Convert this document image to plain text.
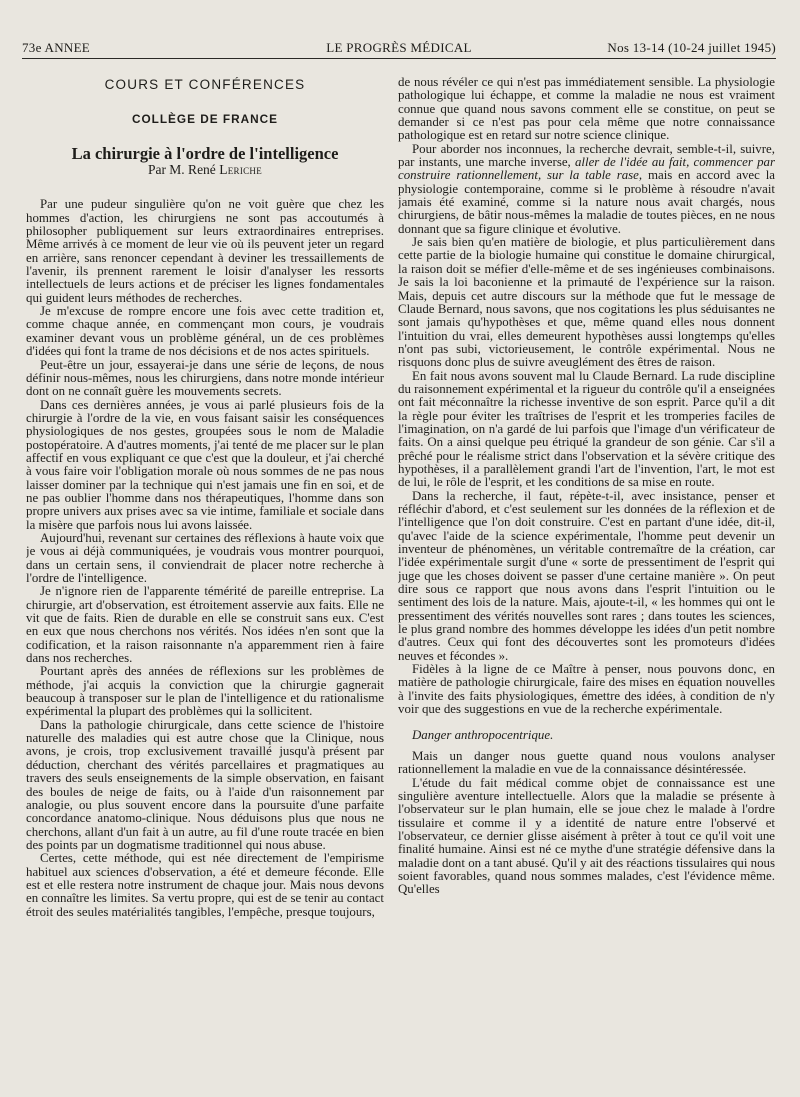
73e ANNEE	LE PROGRÈS MÉDICAL	Nos 13-14 (10-24 juillet 1945)
COURS ET CONFÉRENCES
COLLÈGE DE FRANCE
La chirurgie à l'ordre de l'intelligence
Par M. René Leriche

Par une pudeur singulière qu'on ne voit guère que chez les hommes d'action, les chirurgiens ne sont pas accoutumés à philosopher publiquement sur leurs extraordinaires entreprises. Même arrivés à ce moment de leur vie où ils peuvent jeter un regard en arrière, sans renoncer cependant à deviner les tressaillements de l'avenir, ils prennent rarement le loisir d'analyser les ressorts intellectuels de leurs actions et de préciser les lignes fondamentales qui guident leurs méthodes de recherches.

Je m'excuse de rompre encore une fois avec cette tradition et, comme chaque année, en commençant mon cours, je voudrais examiner devant vous un problème général, un de ces problèmes d'idées qui font la trame de nos décisions et de nos actes spirituels.

Peut-être un jour, essayerai-je dans une série de leçons, de nous définir nous-mêmes, nous les chirurgiens, dans notre monde intérieur dont on ne connaît guère les mouvements secrets.

Dans ces dernières années, je vous ai parlé plusieurs fois de la chirurgie à l'ordre de la vie, en vous faisant saisir les conséquences physiologiques de nos gestes, groupées sous le nom de Maladie postopératoire. A d'autres moments, j'ai tenté de me placer sur le plan affectif en vous expliquant ce que c'est que la douleur, et j'ai cherché à vous faire voir l'obligation morale où nous sommes de ne pas nous laisser dominer par la technique qui n'est jamais une fin en soi, et de ne pas oublier l'homme dans nos thérapeutiques, l'homme dans son propre univers aux prises avec sa vie intime, familiale et sociale dans la misère que parfois nous lui avons laissée.

Aujourd'hui, revenant sur certaines des réflexions à haute voix que je vous ai déjà communiquées, je voudrais vous montrer pourquoi, dans un certain sens, il conviendrait de placer notre recherche à l'ordre de l'intelligence.

Je n'ignore rien de l'apparente témérité de pareille entreprise. La chirurgie, art d'observation, est étroitement asservie aux faits. Elle ne vit que de faits. Rien de durable en elle se construit sans eux. C'est en eux que nous cherchons nos vérités. Nos idées n'en sont que la codification, et la raison raisonnante n'a apparemment rien à faire dans nos recherches.

Pourtant après des années de réflexions sur les problèmes de méthode, j'ai acquis la conviction que la chirurgie gagnerait beaucoup à transposer sur le plan de l'intelligence et du rationalisme expérimental la plupart des problèmes qui la sollicitent.

Dans la pathologie chirurgicale, dans cette science de l'histoire naturelle des maladies qui est autre chose que la Clinique, nous avons, je crois, trop exclusivement travaillé jusqu'à présent par déduction, cherchant des vérités parcellaires et pragmatiques au travers des seuls enseignements de la simple observation, en faisant des boules de neige de faits, ou à l'aide d'un raisonnement par analogie, ou plus souvent encore dans la poursuite d'une parfaite concordance anatomo-clinique. Nous déduisons plus que nous ne cherchons, allant d'un fait à un autre, au fil d'une route tracée en bien des points par un dogmatisme traditionnel qui nous abuse.

Certes, cette méthode, qui est née directement de l'empirisme habituel aux sciences d'observation, a été et demeure féconde. Elle est et elle restera notre instrument de chaque jour. Mais nous devons en connaître les limites. Sa vertu propre, qui est de se tenir au contact étroit des seules matérialités tangibles, l'empêche, presque toujours,

de nous révéler ce qui n'est pas immédiatement sensible. La physiologie pathologique lui échappe, et comme la maladie ne nous est vraiment connue que quand nous savons comment elle se constitue, on peut se demander si ce n'est pas pour cela même que notre connaissance pathologique est en retard sur notre science clinique.

Pour aborder nos inconnues, la recherche devrait, semble-t-il, suivre, par instants, une marche inverse, aller de l'idée au fait, commencer par construire rationnellement, sur la table rase, mais en accord avec la physiologie contemporaine, comme si le problème à résoudre n'avait jamais été examiné, comme si la nature nous avait chargés, nous chirurgiens, de bâtir nous-mêmes la maladie de toutes pièces, en ne nous donnant que sa figure clinique et évolutive.

Je sais bien qu'en matière de biologie, et plus particulièrement dans cette partie de la biologie humaine qui constitue le domaine chirurgical, la raison doit se méfier d'elle-même et de ses ingénieuses combinaisons. Je sais la loi baconienne et la primauté de l'expérience sur la raison. Mais, depuis cet autre discours sur la méthode que fut le message de Claude Bernard, nous savons, que nos cogitations les plus séduisantes ne sont jamais qu'hypothèses et que, même quand elles nous donnent l'intuition du vrai, elles demeurent hypothèses aussi longtemps qu'elles n'ont pas subi, victorieusement, le contrôle expérimental. Nous ne risquons donc plus de suivre aveuglément des êtres de raison.

En fait nous avons souvent mal lu Claude Bernard. La rude discipline du raisonnement expérimental et la rigueur du contrôle qu'il a enseignées ont fait méconnaître la richesse inventive de son esprit. Parce qu'il a dit la règle pour éviter les traîtrises de l'esprit et les tromperies faciles de l'imagination, on n'a gardé de lui parfois que l'image d'un vérificateur de faits. On a ainsi quelque peu étriqué la grandeur de son génie. Car s'il a prêché pour le réalisme strict dans l'observation et la sévère critique des hypothèses, il a parallèlement grandi l'art de l'invention, l'art, le mot est de lui, le rôle de l'esprit, et les conditions de sa mise en route.

Dans la recherche, il faut, répète-t-il, avec insistance, penser et réfléchir d'abord, et c'est seulement sur les données de la réflexion et de l'intelligence que l'on doit construire. C'est en partant d'une idée, dit-il, qu'avec l'aide de la science expérimentale, l'homme peut devenir un inventeur de phénomènes, un véritable contremaître de la création, car l'idée expérimentale surgit d'une « sorte de pressentiment de l'esprit qui juge que les choses doivent se passer d'une certaine manière ». On peut dire sous ce rapport que nous avons dans l'esprit l'intuition ou le sentiment des lois de la nature. Mais, ajoute-t-il, « les hommes qui ont le pressentiment des vérités nouvelles sont rares ; dans toutes les sciences, le plus grand nombre des hommes développe les idées d'un petit nombre d'autres. Ceux qui font des découvertes sont les promoteurs d'idées neuves et fécondes ».

Fidèles à la ligne de ce Maître à penser, nous pouvons donc, en matière de pathologie chirurgicale, faire des mises en équation nouvelles à l'invite des faits physiologiques, émettre des idées, à condition de n'y voir que des suggestions en vue de la recherche expérimentale.

Danger anthropocentrique.

Mais un danger nous guette quand nous voulons analyser rationnellement la maladie en vue de la connaissance désintéressée.

L'étude du fait médical comme objet de connaissance est une singulière aventure intellectuelle. Alors que la maladie se présente à l'observateur sur le plan humain, elle se joue chez le malade à l'ordre tissulaire et comme il y a identité de nature entre l'observé et l'observateur, ce dernier glisse aisément à prêter à tout ce qu'il voit une finalité humaine. Ainsi est né ce mythe d'une stratégie défensive dans la maladie dont on a tant abusé. Qu'il y ait des réactions tissulaires qui nous soient favorables, quand nous sommes malades, c'est l'évidence même. Qu'elles
